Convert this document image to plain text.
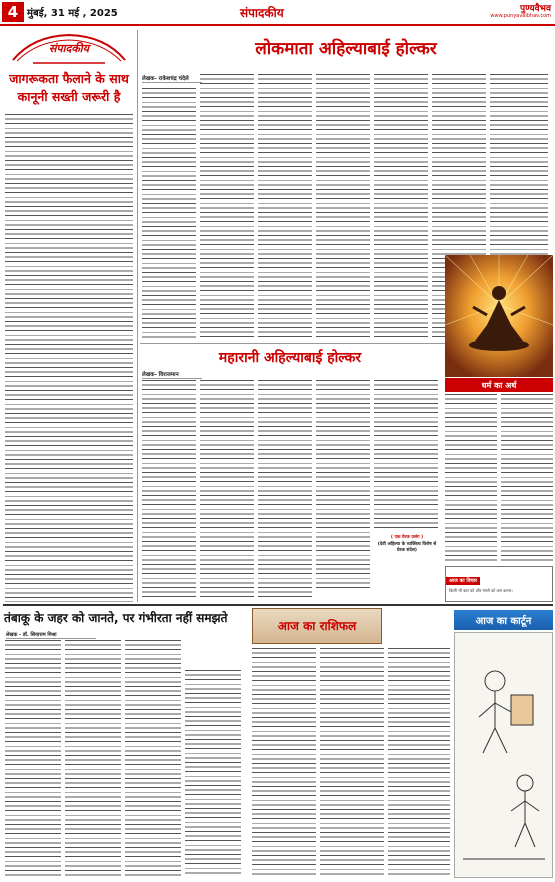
4 मुंबई, 31 मई , 2025	संपादकीय	पुण्यवैभव
www.punyavaibhav.com
संपादकीय
जागरूकता फैलाने के साथ कानूनी सख्ती जरूरी है
लोकमाता अहिल्याबाई होल्कर
लेखक- राकेशचंद्र चंदेले
महारानी अहिल्याबाई होल्कर
लेखक- विराजमान
( एक प्रेरक प्रसंग )
(देवी अहिल्या के व्यक्तित्व विशेष से प्रेरक संदेश)
धर्म का अर्थ
आज का विचार
किसी भी बात को और मनसे को कम करना।
तंबाकू के जहर को जानते, पर गंभीरता नहीं समझते
लेखक - डॉ. सियाराम मिश्रा
आज का राशिफल	आज का कार्टून
